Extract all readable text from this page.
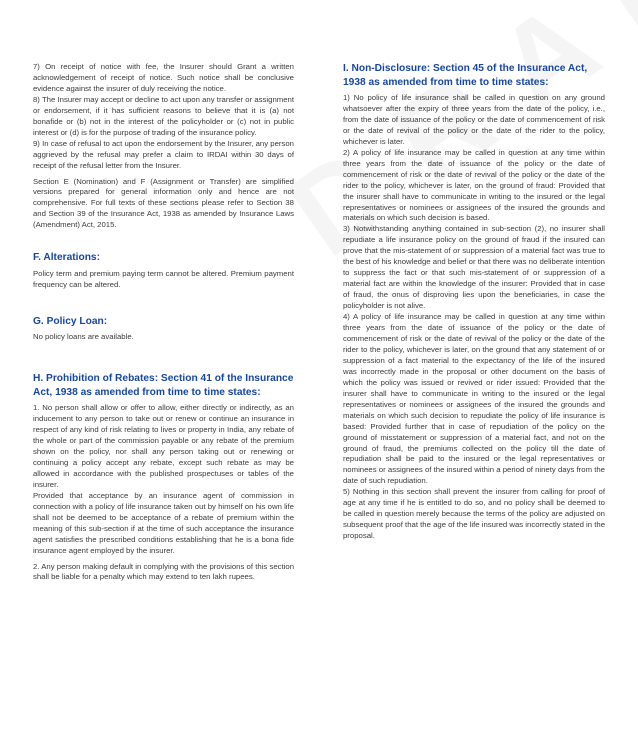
7) On receipt of notice with fee, the Insurer should Grant a written acknowledgement of receipt of notice. Such notice shall be conclusive evidence against the insurer of duly receiving the notice.

8) The Insurer may accept or decline to act upon any transfer or assignment or endorsement, if it has sufficient reasons to believe that it is (a) not bonafide or (b) not in the interest of the policyholder or (c) not in public interest or (d) is for the purpose of trading of the insurance policy.

9) In case of refusal to act upon the endorsement by the Insurer, any person aggrieved by the refusal may prefer a claim to IRDAI within 30 days of receipt of the refusal letter from the Insurer.

Section E (Nomination) and F (Assignment or Transfer) are simplified versions prepared for general information only and hence are not comprehensive. For full texts of these sections please refer to Section 38 and Section 39 of the Insurance Act, 1938 as amended by Insurance Laws (Amendment) Act, 2015.

F. Alterations:

Policy term and premium paying term cannot be altered. Premium payment frequency can be altered.

G. Policy Loan:

No policy loans are available.

H. Prohibition of Rebates: Section 41 of the Insurance Act, 1938 as amended from time to time states:

1. No person shall allow or offer to allow, either directly or indirectly, as an inducement to any person to take out or renew or continue an insurance in respect of any kind of risk relating to lives or property in India, any rebate of the whole or part of the commission payable or any rebate of the premium shown on the policy, nor shall any person taking out or renewing or continuing a policy accept any rebate, except such rebate as may be allowed in accordance with the published prospectuses or tables of the insurer.

Provided that acceptance by an insurance agent of commission in connection with a policy of life insurance taken out by himself on his own life shall not be deemed to be acceptance of a rebate of premium within the meaning of this sub-section if at the time of such acceptance the insurance agent satisfies the prescribed conditions establishing that he is a bona fide insurance agent employed by the insurer.

2. Any person making default in complying with the provisions of this section shall be liable for a penalty which may extend to ten lakh rupees.

I. Non-Disclosure: Section 45 of the Insurance Act, 1938 as amended from time to time states:

1) No policy of life insurance shall be called in question on any ground whatsoever after the expiry of three years from the date of the policy, i.e., from the date of issuance of the policy or the date of commencement of risk or the date of revival of the policy or the date of the rider to the policy, whichever is later.

2) A policy of life insurance may be called in question at any time within three years from the date of issuance of the policy or the date of commencement of risk or the date of revival of the policy or the date of the rider to the policy, whichever is later, on the ground of fraud: Provided that the insurer shall have to communicate in writing to the insured or the legal representatives or nominees or assignees of the insured the grounds and materials on which such decision is based.

3) Notwithstanding anything contained in sub-section (2), no insurer shall repudiate a life insurance policy on the ground of fraud if the insured can prove that the mis-statement of or suppression of a material fact was true to the best of his knowledge and belief or that there was no deliberate intention to suppress the fact or that such mis-statement of or suppression of a material fact are within the knowledge of the insurer: Provided that in case of fraud, the onus of disproving lies upon the beneficiaries, in case the policyholder is not alive.

4) A policy of life insurance may be called in question at any time within three years from the date of issuance of the policy or the date of commencement of risk or the date of revival of the policy or the date of the rider to the policy, whichever is later, on the ground that any statement of or suppression of a fact material to the expectancy of the life of the insured was incorrectly made in the proposal or other document on the basis of which the policy was issued or revived or rider issued: Provided that the insurer shall have to communicate in writing to the insured or the legal representatives or nominees or assignees of the insured the grounds and materials on which such decision to repudiate the policy of life insurance is based: Provided further that in case of repudiation of the policy on the ground of misstatement or suppression of a material fact, and not on the ground of fraud, the premiums collected on the policy till the date of repudiation shall be paid to the insured or the legal representatives or nominees or assignees of the insured within a period of ninety days from the date of such repudiation.

5) Nothing in this section shall prevent the insurer from calling for proof of age at any time if he is entitled to do so, and no policy shall be deemed to be called in question merely because the terms of the policy are adjusted on subsequent proof that the age of the life insured was incorrectly stated in the proposal.
